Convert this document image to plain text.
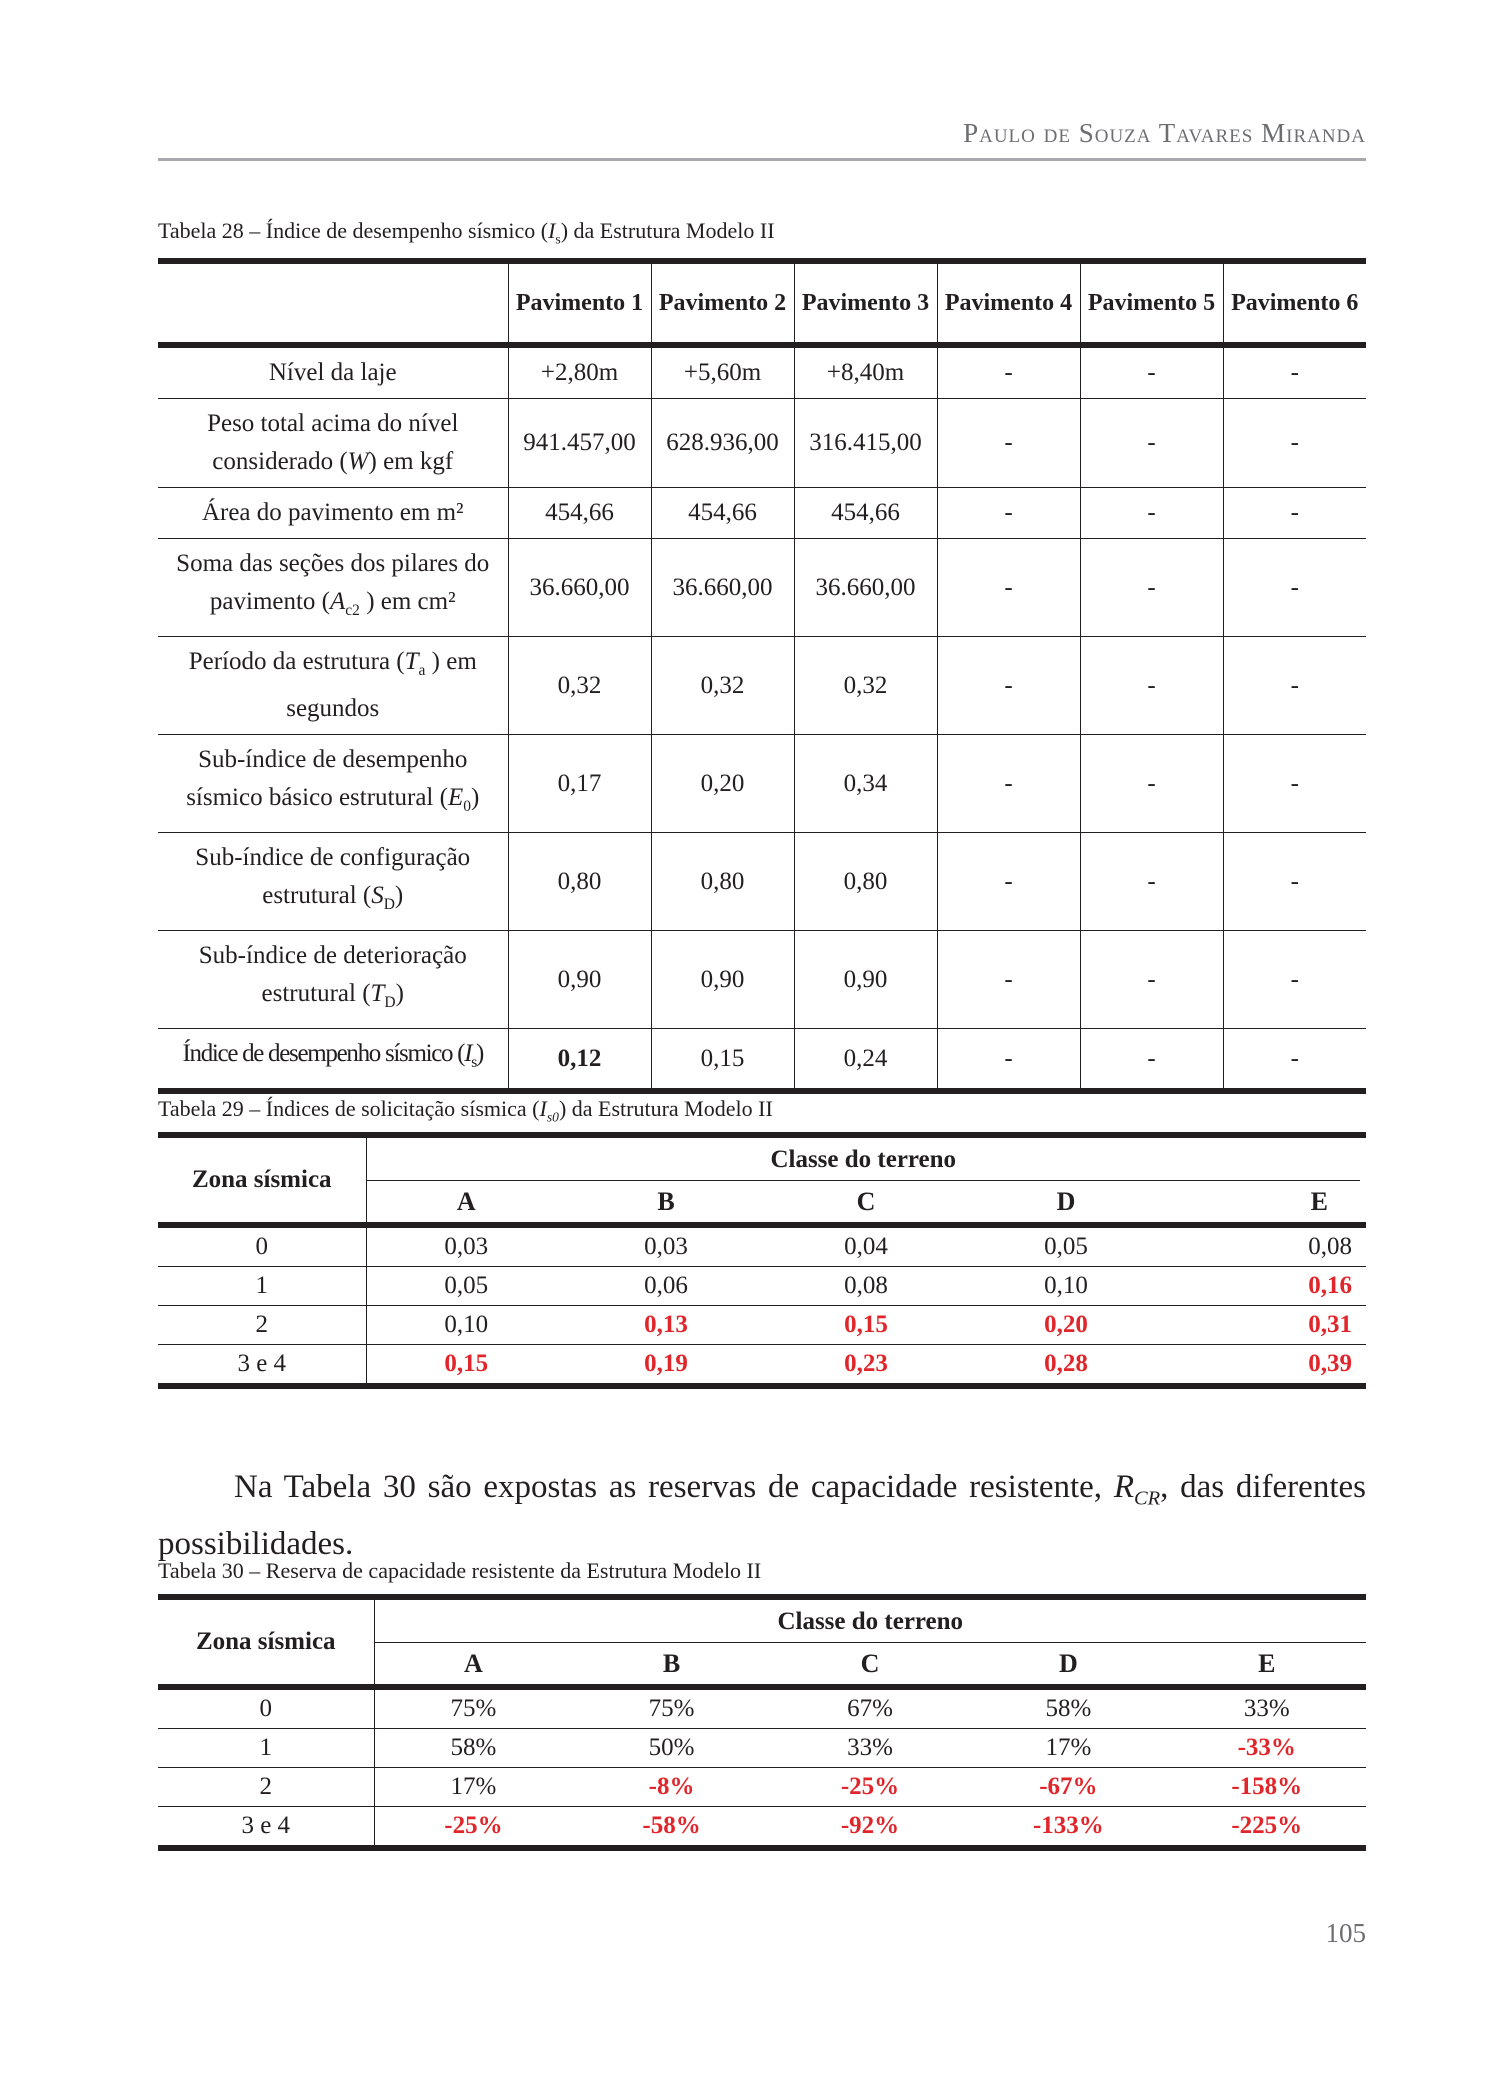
Paulo de Souza Tavares Miranda
Tabela 28 – Índice de desempenho sísmico $(I_s)$ da Estrutura Modelo II
	Pavimento 1	Pavimento 2	Pavimento 3	Pavimento 4	Pavimento 5	Pavimento 6
Nível da laje	+2,80m	+5,60m	+8,40m	-	-	-
Peso total acima do nível considerado (W) em kgf	941.457,00	628.936,00	316.415,00	-	-	-
Área do pavimento em m²	454,66	454,66	454,66	-	-	-
Soma das seções dos pilares do pavimento ($A_{c2}$ ) em cm²	36.660,00	36.660,00	36.660,00	-	-	-
Período da estrutura ($T_a$ ) em segundos	0,32	0,32	0,32	-	-	-
Sub-índice de desempenho sísmico básico estrutural $(E_0)$	0,17	0,20	0,34	-	-	-
Sub-índice de configuração estrutural $(S_D)$	0,80	0,80	0,80	-	-	-
Sub-índice de deterioração estrutural $(T_D)$	0,90	0,90	0,90	-	-	-
Índice de desempenho sísmico $(I_s)$	0,12	0,15	0,24	-	-	-
Tabela 29 – Índices de solicitação sísmica $(I_{s0})$ da Estrutura Modelo II
Zona sísmica	Classe do terreno				

	A	B	C	D	E
0	0,03	0,03	0,04	0,05	0,08
1	0,05	0,06	0,08	0,10	0,16
2	0,10	0,13	0,15	0,20	0,31
3 e 4	0,15	0,19	0,23	0,28	0,39

Na Tabela 30 são expostas as reservas de capacidade resistente, $R_{CR}$, das diferentes possibilidades.

Tabela 30 – Reserva de capacidade resistente da Estrutura Modelo II
Zona sísmica	Classe do terreno				

	A	B	C	D	E
0	75%	75%	67%	58%	33%
1	58%	50%	33%	17%	-33%
2	17%	-8%	-25%	-67%	-158%
3 e 4	-25%	-58%	-92%	-133%	-225%
105
